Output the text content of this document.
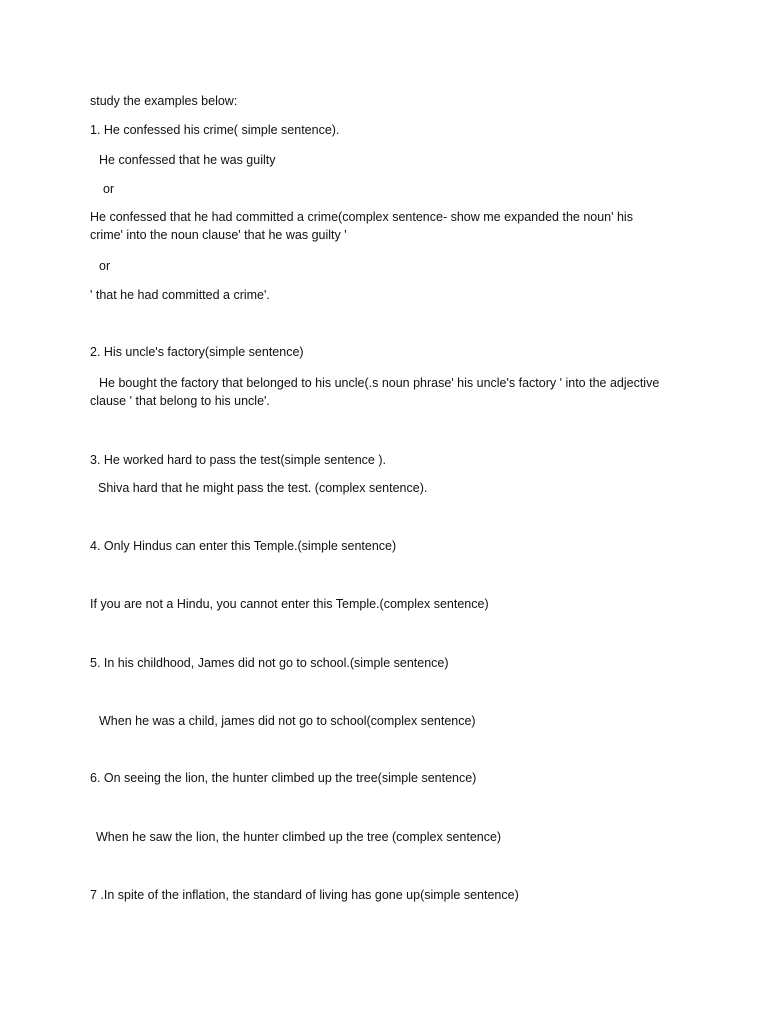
study the examples below:
1. He confessed his crime( simple sentence).
He confessed that he was guilty
or
He confessed that he had committed a crime(complex sentence- show me expanded the noun' his crime' into the noun clause' that he was guilty '
or
' that he had committed a crime'.
2. His uncle's factory(simple sentence)
He bought the factory that belonged to his uncle(.s noun phrase' his uncle's factory ' into the adjective clause ' that belong to his uncle'.
3. He worked hard to pass the test(simple sentence ).
Shiva hard that he might pass the test. (complex sentence).
4. Only Hindus can enter this Temple.(simple sentence)
If you are not a Hindu, you cannot enter this Temple.(complex sentence)
5. In his childhood, James did not go to school.(simple sentence)
When he was a child, james did not go to school(complex sentence)
6. On seeing the lion, the hunter climbed up the tree(simple sentence)
When he saw the lion, the hunter climbed up the tree (complex sentence)
7 .In spite of the inflation, the standard of living has gone up(simple sentence)
